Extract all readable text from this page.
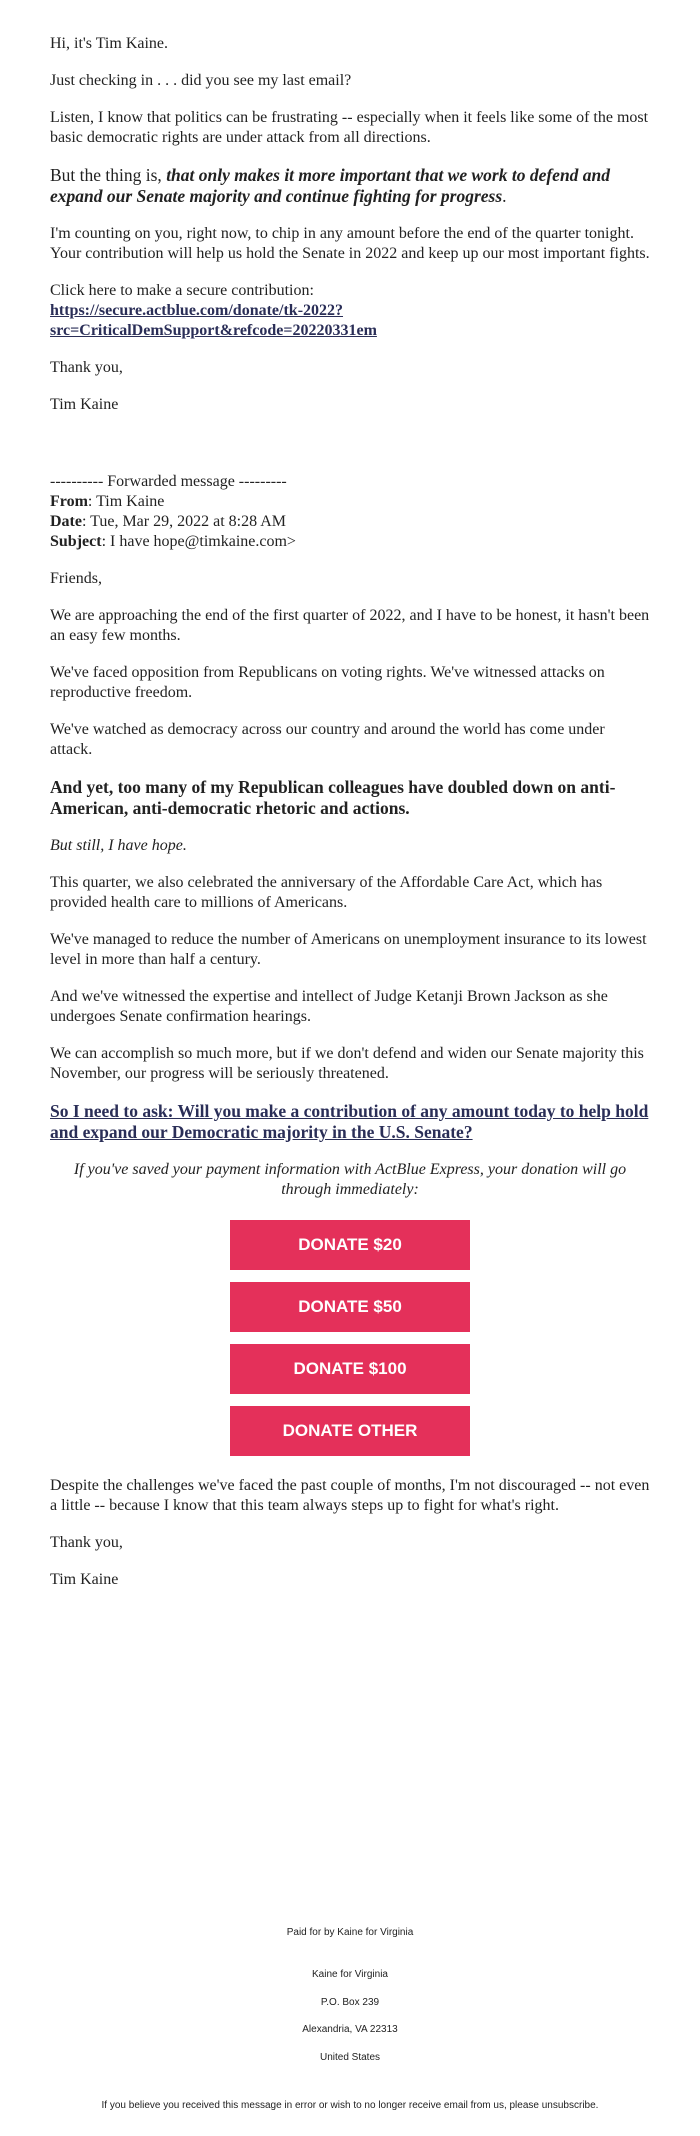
Hi, it's Tim Kaine.

Just checking in . . . did you see my last email?

Listen, I know that politics can be frustrating -- especially when it feels like some of the most basic democratic rights are under attack from all directions.

But the thing is, that only makes it more important that we work to defend and expand our Senate majority and continue fighting for progress.

I'm counting on you, right now, to chip in any amount before the end of the quarter tonight. Your contribution will help us hold the Senate in 2022 and keep up our most important fights.

Click here to make a secure contribution:
https://secure.actblue.com/donate/tk-2022?
src=CriticalDemSupport&refcode=20220331em

Thank you,

Tim Kaine

---------- Forwarded message ---------
From: Tim Kaine
Date: Tue, Mar 29, 2022 at 8:28 AM
Subject: I have hope@timkaine.com>

Friends,

We are approaching the end of the first quarter of 2022, and I have to be honest, it hasn't been an easy few months.

We've faced opposition from Republicans on voting rights. We've witnessed attacks on reproductive freedom.

We've watched as democracy across our country and around the world has come under attack.

And yet, too many of my Republican colleagues have doubled down on anti-American, anti-democratic rhetoric and actions.

But still, I have hope.

This quarter, we also celebrated the anniversary of the Affordable Care Act, which has provided health care to millions of Americans.

We've managed to reduce the number of Americans on unemployment insurance to its lowest level in more than half a century.

And we've witnessed the expertise and intellect of Judge Ketanji Brown Jackson as she undergoes Senate confirmation hearings.

We can accomplish so much more, but if we don't defend and widen our Senate majority this November, our progress will be seriously threatened.

So I need to ask: Will you make a contribution of any amount today to help hold and expand our Democratic majority in the U.S. Senate?

If you've saved your payment information with ActBlue Express, your donation will go through immediately:

DONATE $20
DONATE $50
DONATE $100
DONATE OTHER

Despite the challenges we've faced the past couple of months, I'm not discouraged -- not even a little -- because I know that this team always steps up to fight for what's right.

Thank you,

Tim Kaine

Paid for by Kaine for Virginia
Kaine for Virginia
P.O. Box 239
Alexandria, VA 22313
United States
If you believe you received this message in error or wish to no longer receive email from us, please unsubscribe.
